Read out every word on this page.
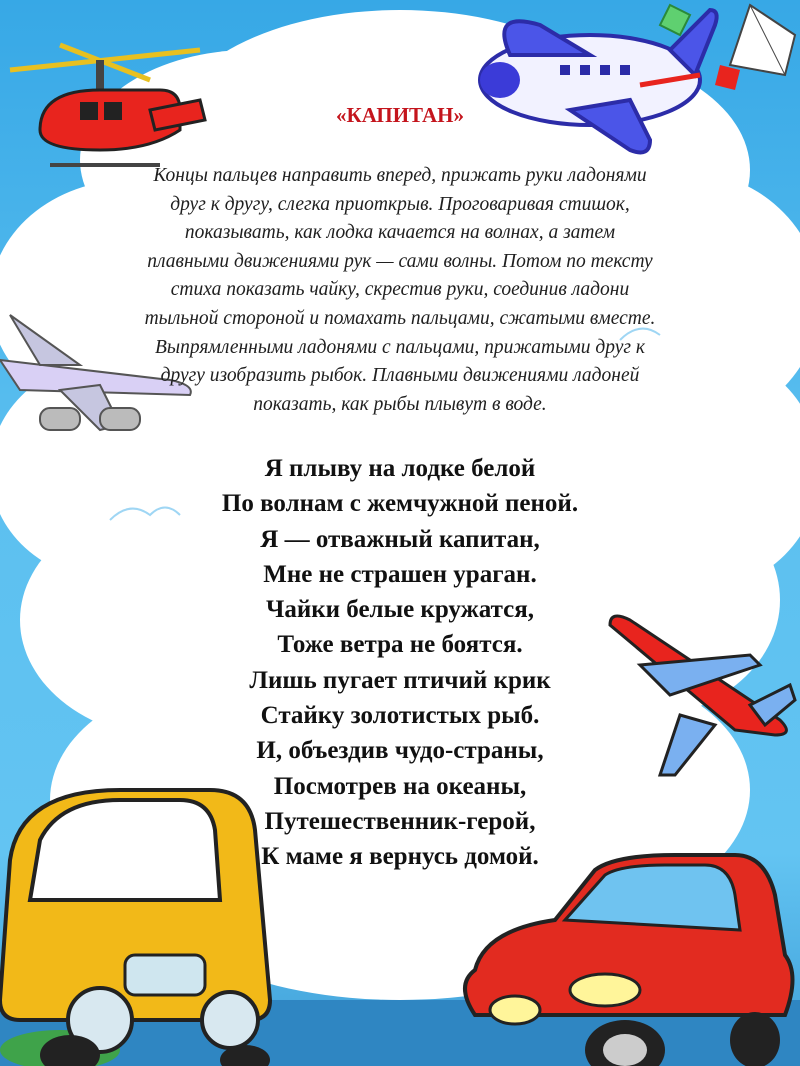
«КАПИТАН»
Концы пальцев направить вперед, прижать руки ладонями
друг к другу, слегка приоткрыв. Проговаривая стишок,
показывать, как лодка качается на волнах, а затем
плавными движениями рук — сами волны. Потом по тексту
стиха показать чайку, скрестив руки, соединив ладони
тыльной стороной и помахать пальцами, сжатыми вместе.
Выпрямленными ладонями с пальцами, прижатыми друг к
другу изобразить рыбок. Плавными движениями ладоней
показать, как рыбы плывут в воде.
Я плыву на лодке белой
По волнам с жемчужной пеной.
Я — отважный капитан,
Мне не страшен ураган.
Чайки белые кружатся,
Тоже ветра не боятся.
Лишь пугает птичий крик
Стайку золотистых рыб.
И, объездив чудо-страны,
Посмотрев на океаны,
Путешественник-герой,
К маме я вернусь домой.
